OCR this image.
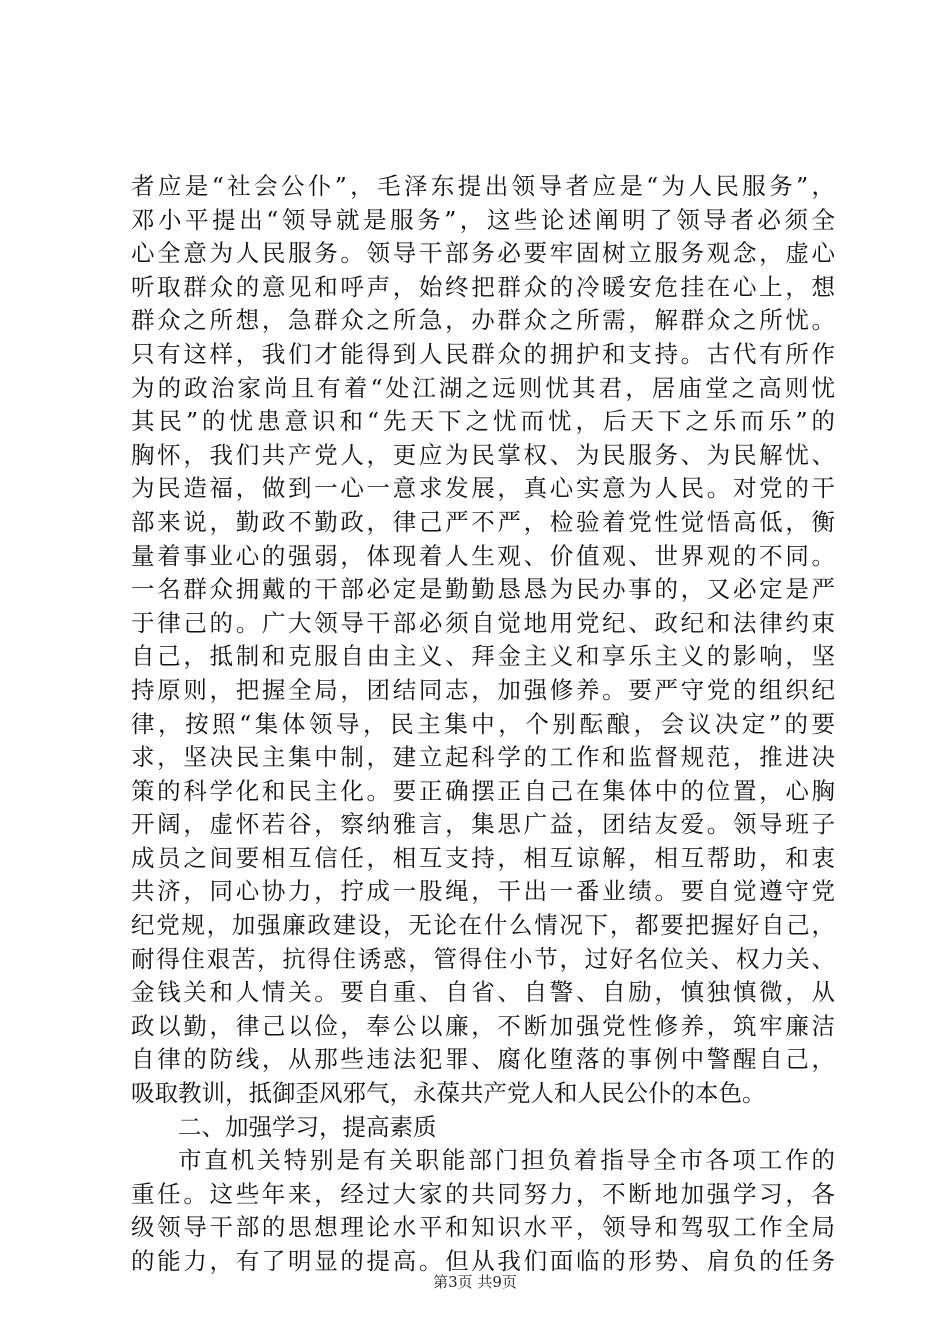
者应是“社会公仆”，毛泽东提出领导者应是“为人民服务”，
邓小平提出“领导就是服务”，这些论述阐明了领导者必须全
心全意为人民服务。领导干部务必要牢固树立服务观念，虚心
听取群众的意见和呼声，始终把群众的冷暖安危挂在心上，想
群众之所想，急群众之所急，办群众之所需，解群众之所忧。
只有这样，我们才能得到人民群众的拥护和支持。古代有所作
为的政治家尚且有着“处江湖之远则忧其君，居庙堂之高则忧
其民”的忧患意识和“先天下之忧而忧，后天下之乐而乐”的
胸怀，我们共产党人，更应为民掌权、为民服务、为民解忧、
为民造福，做到一心一意求发展，真心实意为人民。对党的干
部来说，勤政不勤政，律己严不严，检验着党性觉悟高低，衡
量着事业心的强弱，体现着人生观、价值观、世界观的不同。
一名群众拥戴的干部必定是勤勤恳恳为民办事的，又必定是严
于律己的。广大领导干部必须自觉地用党纪、政纪和法律约束
自己，抵制和克服自由主义、拜金主义和享乐主义的影响，坚
持原则，把握全局，团结同志，加强修养。要严守党的组织纪
律，按照“集体领导，民主集中，个别酝酿，会议决定”的要
求，坚决民主集中制，建立起科学的工作和监督规范，推进决
策的科学化和民主化。要正确摆正自己在集体中的位置，心胸
开阔，虚怀若谷，察纳雅言，集思广益，团结友爱。领导班子
成员之间要相互信任，相互支持，相互谅解，相互帮助，和衷
共济，同心协力，拧成一股绳，干出一番业绩。要自觉遵守党
纪党规，加强廉政建设，无论在什么情况下，都要把握好自己，
耐得住艰苦，抗得住诱惑，管得住小节，过好名位关、权力关、
金钱关和人情关。要自重、自省、自警、自励，慎独慎微，从
政以勤，律己以俭，奉公以廉，不断加强党性修养，筑牢廉洁
自律的防线，从那些违法犯罪、腐化堕落的事例中警醒自己，
吸取教训，抵御歪风邪气，永葆共产党人和人民公仆的本色。
二、加强学习，提高素质
市直机关特别是有关职能部门担负着指导全市各项工作的
重任。这些年来，经过大家的共同努力，不断地加强学习，各
级领导干部的思想理论水平和知识水平，领导和驾驭工作全局
的能力，有了明显的提高。但从我们面临的形势、肩负的任务
第3页 共9页
